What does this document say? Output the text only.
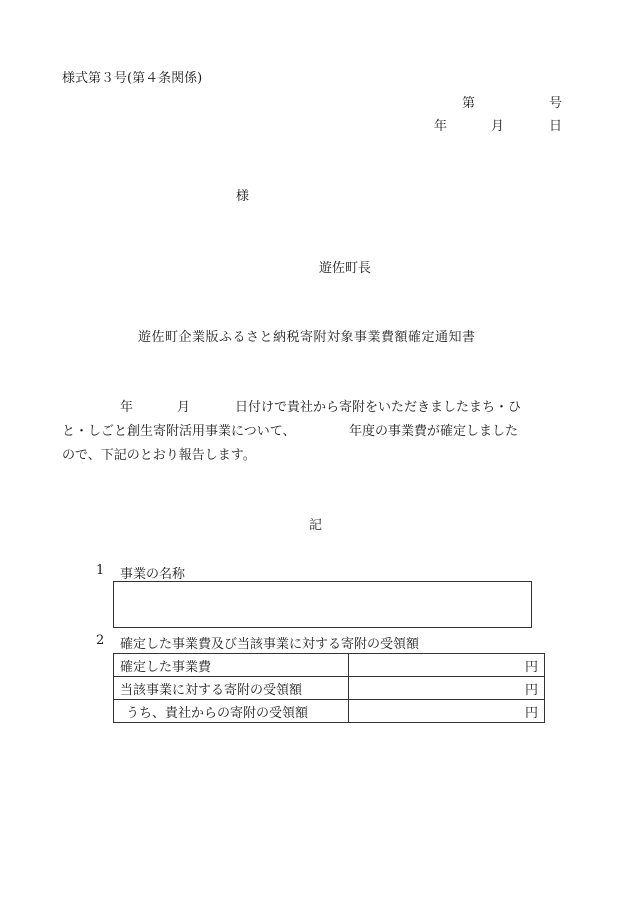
様式第３号(第４条関係)
第	号
年	月	日
様
遊佐町長
遊佐町企業版ふるさと納税寄附対象事業費額確定通知書
年	月	日付けで貴社から寄附をいただきましたまち・ひ
と・しごと創生寄附活用事業について、	年度の事業費が確定しました
ので、下記のとおり報告します。
記
1 事業の名称
2 確定した事業費及び当該事業に対する寄附の受領額
確定した事業費	円
当該事業に対する寄附の受領額	円
うち、貴社からの寄附の受領額	円
